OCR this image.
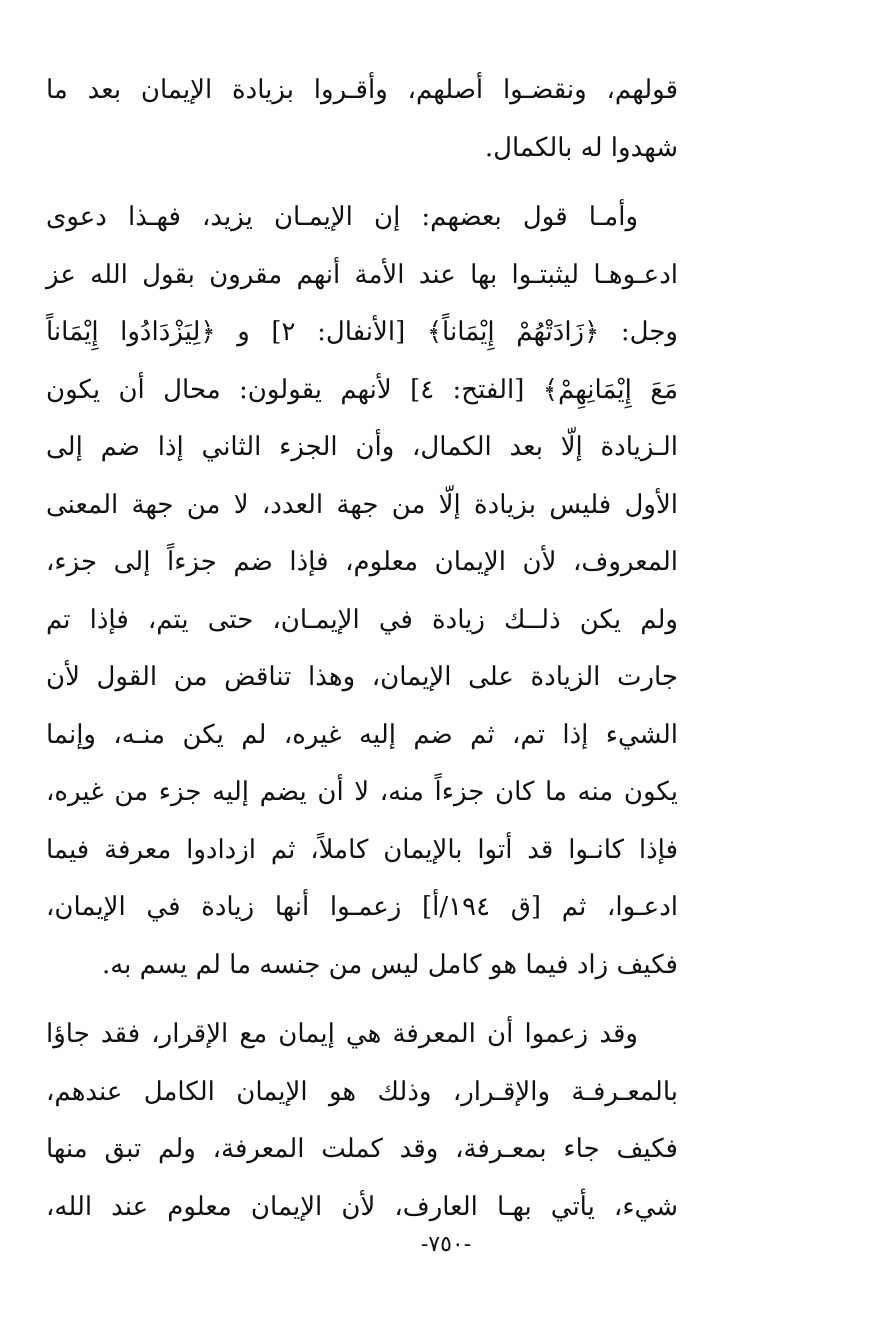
قولهم، ونقضـوا أصلهم، وأقـروا بزيادة الإيمان بعد ما
شهدوا له بالكمال.
وأمـا قول بعضهم: إن الإيمـان يزيد، فهـذا دعوى
ادعـوهـا ليثبتـوا بها عند الأمة أنهم مقرون بقول الله عز
وجل: ﴿زَادَتْهُمْ إِيْمَاناً﴾ [الأنفال: ٢] و ﴿لِيَزْدَادُوا إِيْمَاناً
مَعَ إِيْمَانِهِمْ﴾ [الفتح: ٤] لأنهم يقولون: محال أن يكون
الـزيادة إلّا بعد الكمال، وأن الجزء الثاني إذا ضم إلى
الأول فليس بزيادة إلّا من جهة العدد، لا من جهة المعنى
المعروف، لأن الإيمان معلوم، فإذا ضم جزءاً إلى جزء،
ولم يكن ذلــك زيادة في الإيمـان، حتى يتم، فإذا تم
جارت الزيادة على الإيمان، وهذا تناقض من القول لأن
الشيء إذا تم، ثم ضم إليه غيره، لم يكن منـه، وإنما
يكون منه ما كان جزءاً منه، لا أن يضم إليه جزء من غيره،
فإذا كانـوا قد أتوا بالإيمان كاملاً، ثم ازدادوا معرفة فيما
ادعـوا، ثم [ق ١٩٤/أ] زعمـوا أنها زيادة في الإيمان،
فكيف زاد فيما هو كامل ليس من جنسه ما لم يسم به.
وقد زعموا أن المعرفة هي إيمان مع الإقرار، فقد جاؤا
بالمعـرفـة والإقـرار، وذلك هو الإيمان الكامل عندهم،
فكيف جاء بمعـرفة، وقد كملت المعرفة، ولم تبق منها
شيء، يأتي بهـا العارف، لأن الإيمان معلوم عند الله،
-٧٥٠-
